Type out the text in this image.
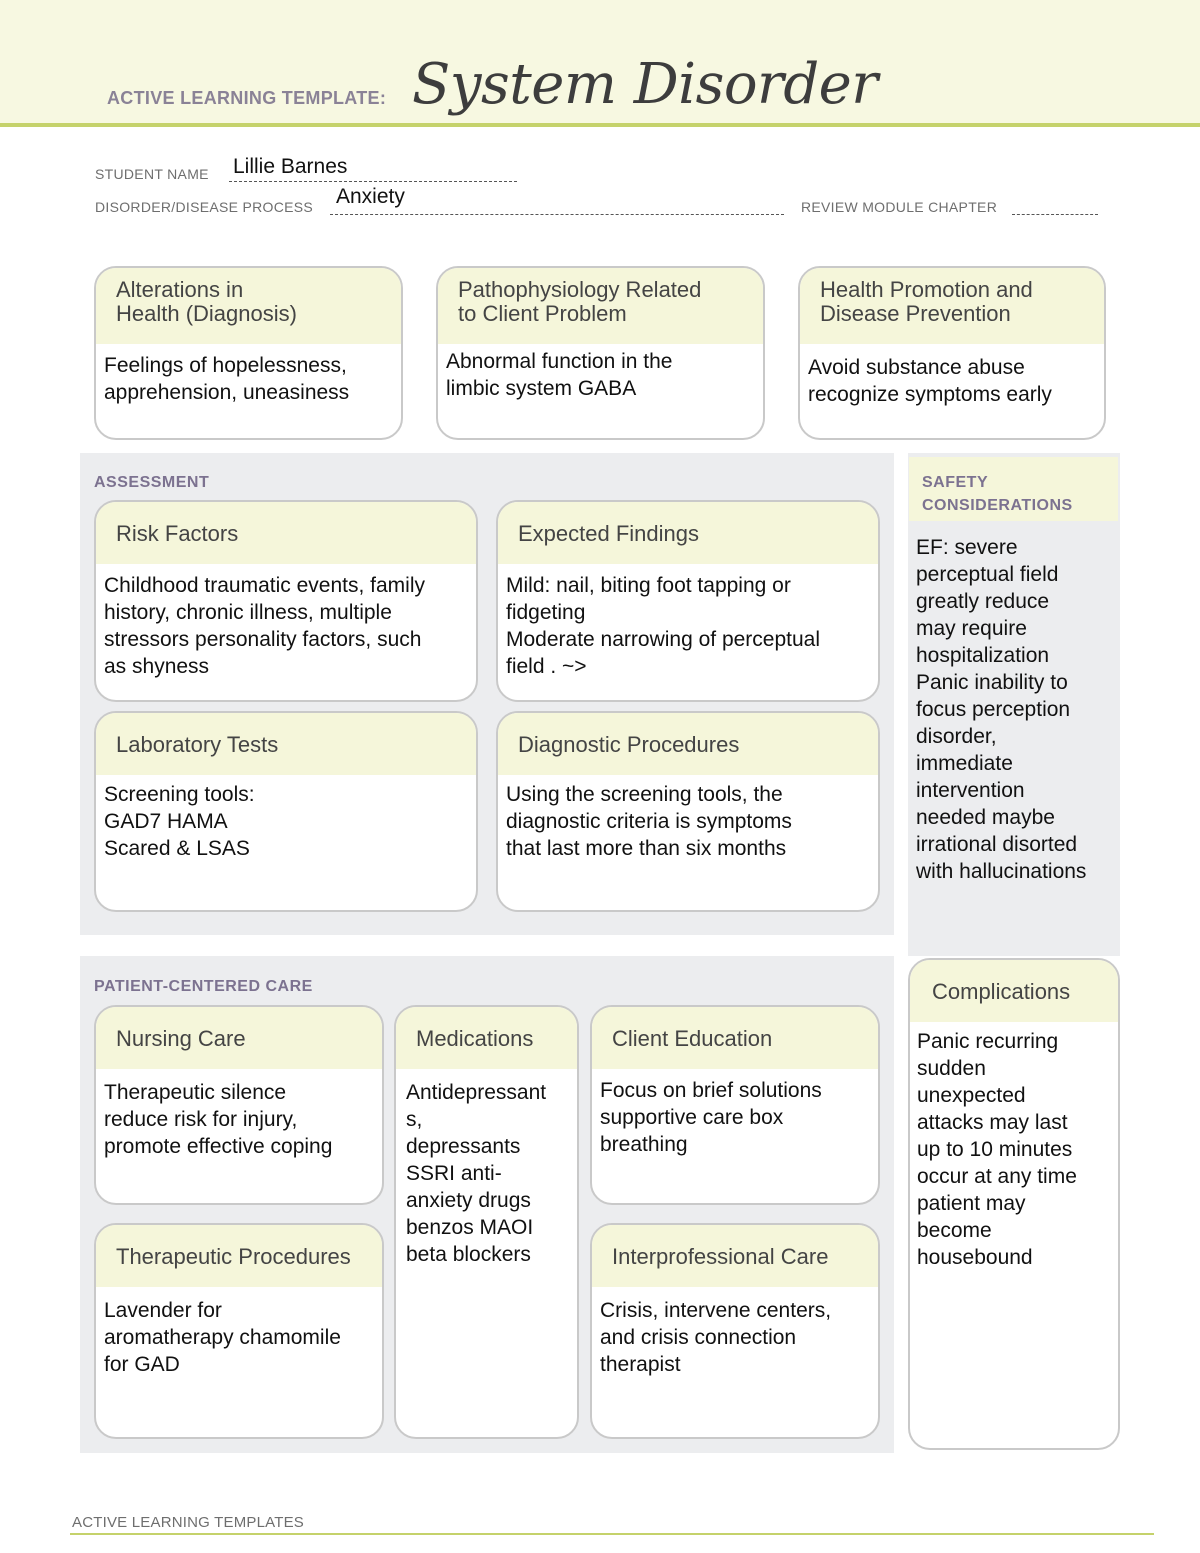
ACTIVE LEARNING TEMPLATE: System Disorder
STUDENT NAME Lillie Barnes
DISORDER/DISEASE PROCESS Anxiety	REVIEW MODULE CHAPTER
Alterations in
Health (Diagnosis)
Feelings of hopelessness,
apprehension, uneasiness
Pathophysiology Related
to Client Problem
Abnormal function in the
limbic system GABA
Health Promotion and
Disease Prevention
Avoid substance abuse
recognize symptoms early
ASSESSMENT
Risk Factors
Childhood traumatic events, family
history, chronic illness, multiple
stressors personality factors, such
as shyness
Expected Findings
Mild: nail, biting foot tapping or
fidgeting
Moderate narrowing of perceptual
field . ~>
Laboratory Tests
Screening tools:
GAD7 HAMA
Scared & LSAS
Diagnostic Procedures
Using the screening tools, the
diagnostic criteria is symptoms
that last more than six months
SAFETY
CONSIDERATIONS
EF: severe
perceptual field
greatly reduce
may require
hospitalization
Panic inability to
focus perception
disorder,
immediate
intervention
needed maybe
irrational disorted
with hallucinations
PATIENT-CENTERED CARE
Nursing Care
Therapeutic silence
reduce risk for injury,
promote effective coping
Medications
Antidepressant
s,
depressants
SSRI anti-
anxiety drugs
benzos MAOI
beta blockers
Client Education
Focus on brief solutions
supportive care box
breathing
Therapeutic Procedures
Lavender for
aromatherapy chamomile
for GAD
Interprofessional Care
Crisis, intervene centers,
and crisis connection
therapist
Complications
Panic recurring
sudden
unexpected
attacks may last
up to 10 minutes
occur at any time
patient may
become
housebound
ACTIVE LEARNING TEMPLATES
